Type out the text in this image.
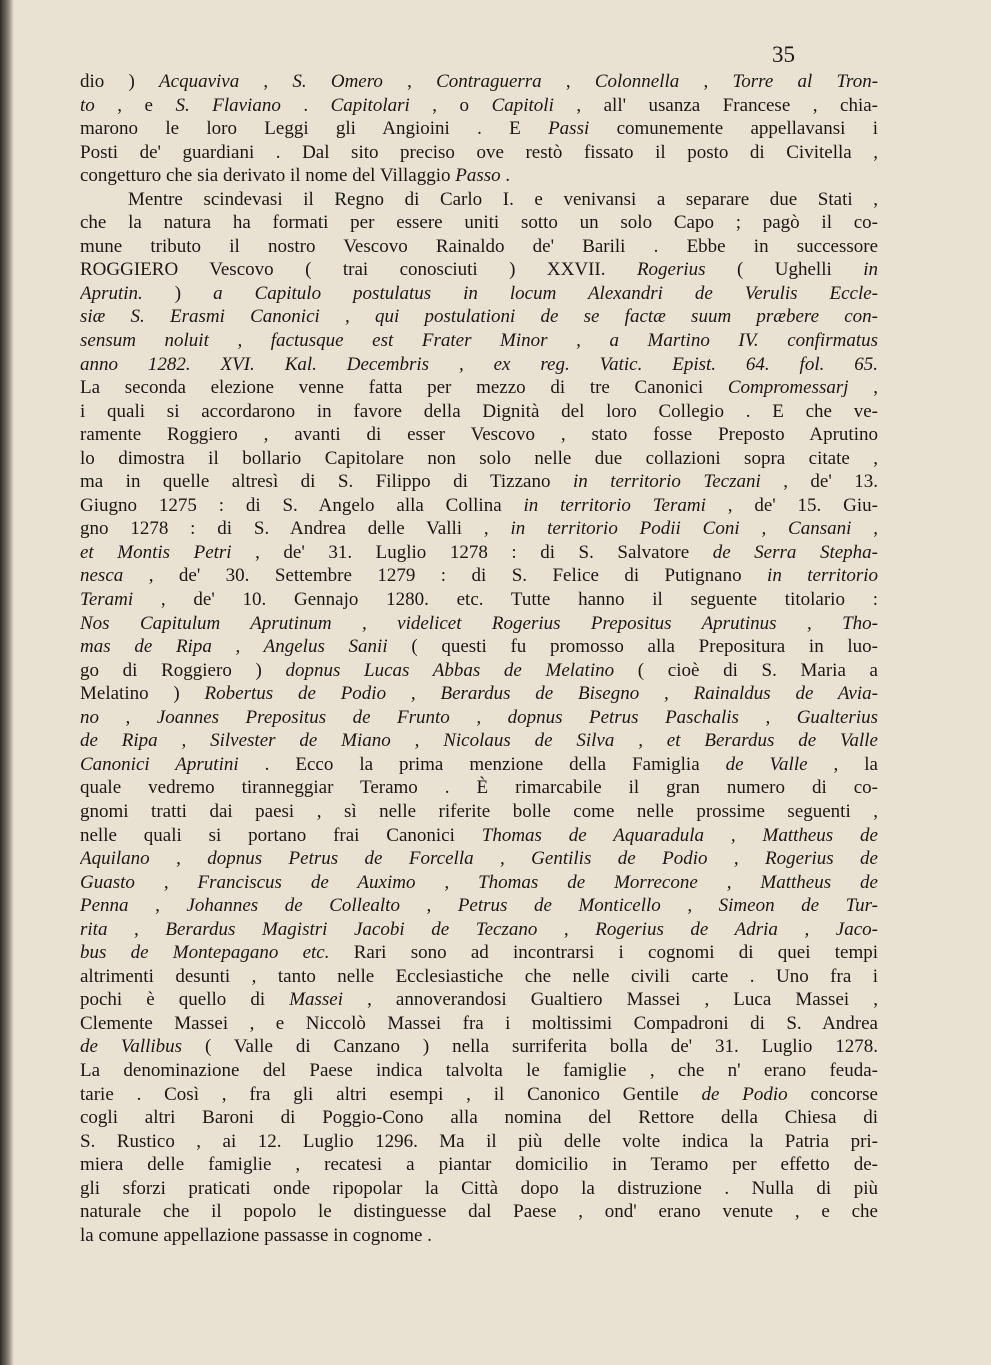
35
dio ) Acquaviva , S. Omero , Contraguerra , Colonnella , Torre al Tron-
to , e S. Flaviano . Capitolari , o Capitoli , all' usanza Francese , chia-
marono le loro Leggi gli Angioini . E Passi comunemente appellavansi i
Posti de' guardiani . Dal sito preciso ove restò fissato il posto di Civitella ,
congetturo che sia derivato il nome del Villaggio Passo .
Mentre scindevasi il Regno di Carlo I. e venivansi a separare due Stati ,
che la natura ha formati per essere uniti sotto un solo Capo ; pagò il co-
mune tributo il nostro Vescovo Rainaldo de' Barili . Ebbe in successore
ROGGIERO Vescovo ( trai conosciuti ) XXVII. Rogerius ( Ughelli in
Aprutin. ) a Capitulo postulatus in locum Alexandri de Verulis Eccle-
siæ S. Erasmi Canonici , qui postulationi de se factæ suum præbere con-
sensum noluit , factusque est Frater Minor , a Martino IV. confirmatus
anno 1282. XVI. Kal. Decembris , ex reg. Vatic. Epist. 64. fol. 65.
La seconda elezione venne fatta per mezzo di tre Canonici Compromessarj ,
i quali si accordarono in favore della Dignità del loro Collegio . E che ve-
ramente Roggiero , avanti di esser Vescovo , stato fosse Preposto Aprutino
lo dimostra il bollario Capitolare non solo nelle due collazioni sopra citate ,
ma in quelle altresì di S. Filippo di Tizzano in territorio Teczani , de' 13.
Giugno 1275 : di S. Angelo alla Collina in territorio Terami , de' 15. Giu-
gno 1278 : di S. Andrea delle Valli , in territorio Podii Coni , Cansani ,
et Montis Petri , de' 31. Luglio 1278 : di S. Salvatore de Serra Stepha-
nesca , de' 30. Settembre 1279 : di S. Felice di Putignano in territorio
Terami , de' 10. Gennajo 1280. etc. Tutte hanno il seguente titolario :
Nos Capitulum Aprutinum , videlicet Rogerius Prepositus Aprutinus , Tho-
mas de Ripa , Angelus Sanii ( questi fu promosso alla Prepositura in luo-
go di Roggiero ) dopnus Lucas Abbas de Melatino ( cioè di S. Maria a
Melatino ) Robertus de Podio , Berardus de Bisegno , Rainaldus de Avia-
no , Joannes Prepositus de Frunto , dopnus Petrus Paschalis , Gualterius
de Ripa , Silvester de Miano , Nicolaus de Silva , et Berardus de Valle
Canonici Aprutini . Ecco la prima menzione della Famiglia de Valle , la
quale vedremo tiranneggiar Teramo . È rimarcabile il gran numero di co-
gnomi tratti dai paesi , sì nelle riferite bolle come nelle prossime seguenti ,
nelle quali si portano frai Canonici Thomas de Aquaradula , Mattheus de
Aquilano , dopnus Petrus de Forcella , Gentilis de Podio , Rogerius de
Guasto , Franciscus de Auximo , Thomas de Morrecone , Mattheus de
Penna , Johannes de Collealto , Petrus de Monticello , Simeon de Tur-
rita , Berardus Magistri Jacobi de Teczano , Rogerius de Adria , Jaco-
bus de Montepagano etc. Rari sono ad incontrarsi i cognomi di quei tempi
altrimenti desunti , tanto nelle Ecclesiastiche che nelle civili carte . Uno fra i
pochi è quello di Massei , annoverandosi Gualtiero Massei , Luca Massei ,
Clemente Massei , e Niccolò Massei fra i moltissimi Compadroni di S. Andrea
de Vallibus ( Valle di Canzano ) nella surriferita bolla de' 31. Luglio 1278.
La denominazione del Paese indica talvolta le famiglie , che n' erano feuda-
tarie . Così , fra gli altri esempi , il Canonico Gentile de Podio concorse
cogli altri Baroni di Poggio-Cono alla nomina del Rettore della Chiesa di
S. Rustico , ai 12. Luglio 1296. Ma il più delle volte indica la Patria pri-
miera delle famiglie , recatesi a piantar domicilio in Teramo per effetto de-
gli sforzi praticati onde ripopolar la Città dopo la distruzione . Nulla di più
naturale che il popolo le distinguesse dal Paese , ond' erano venute , e che
la comune appellazione passasse in cognome .
